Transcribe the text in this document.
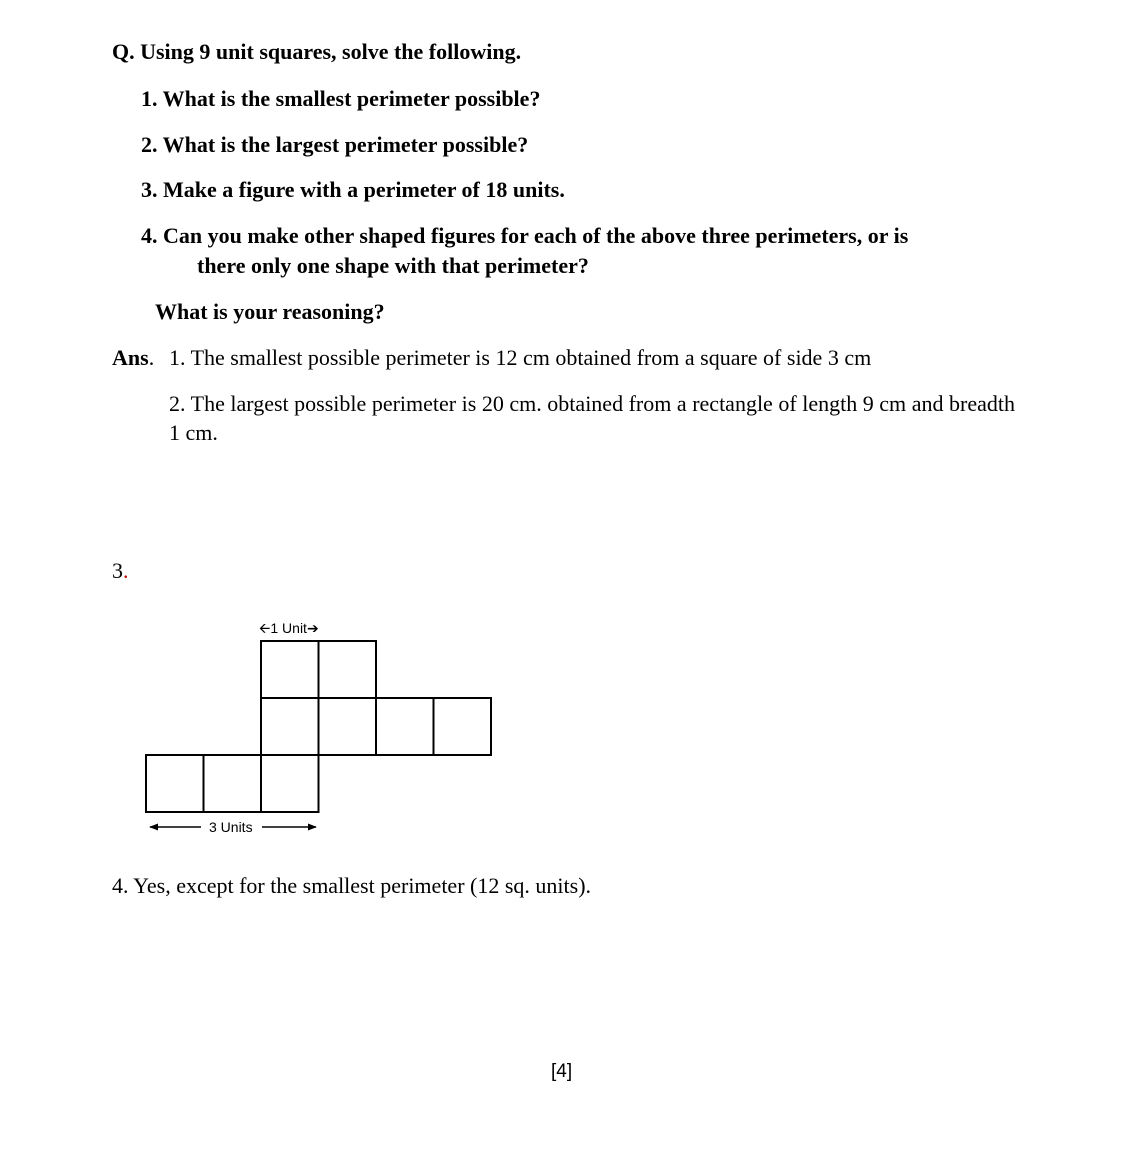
Q. Using 9 unit squares, solve the following.
1. What is the smallest perimeter possible?
2. What is the largest perimeter possible?
3. Make a figure with a perimeter of 18 units.
4. Can you make other shaped figures for each of the above three perimeters, or is
there only one shape with that perimeter?
What is your reasoning?
Ans. 1. The smallest possible perimeter is 12 cm obtained from a square of side 3 cm
2. The largest possible perimeter is 20 cm. obtained from a rectangle of length 9 cm and breadth 1 cm.
3.
4. Yes, except for the smallest perimeter (12 sq. units).
🡨1 Unit➔
3 Units
[4]
